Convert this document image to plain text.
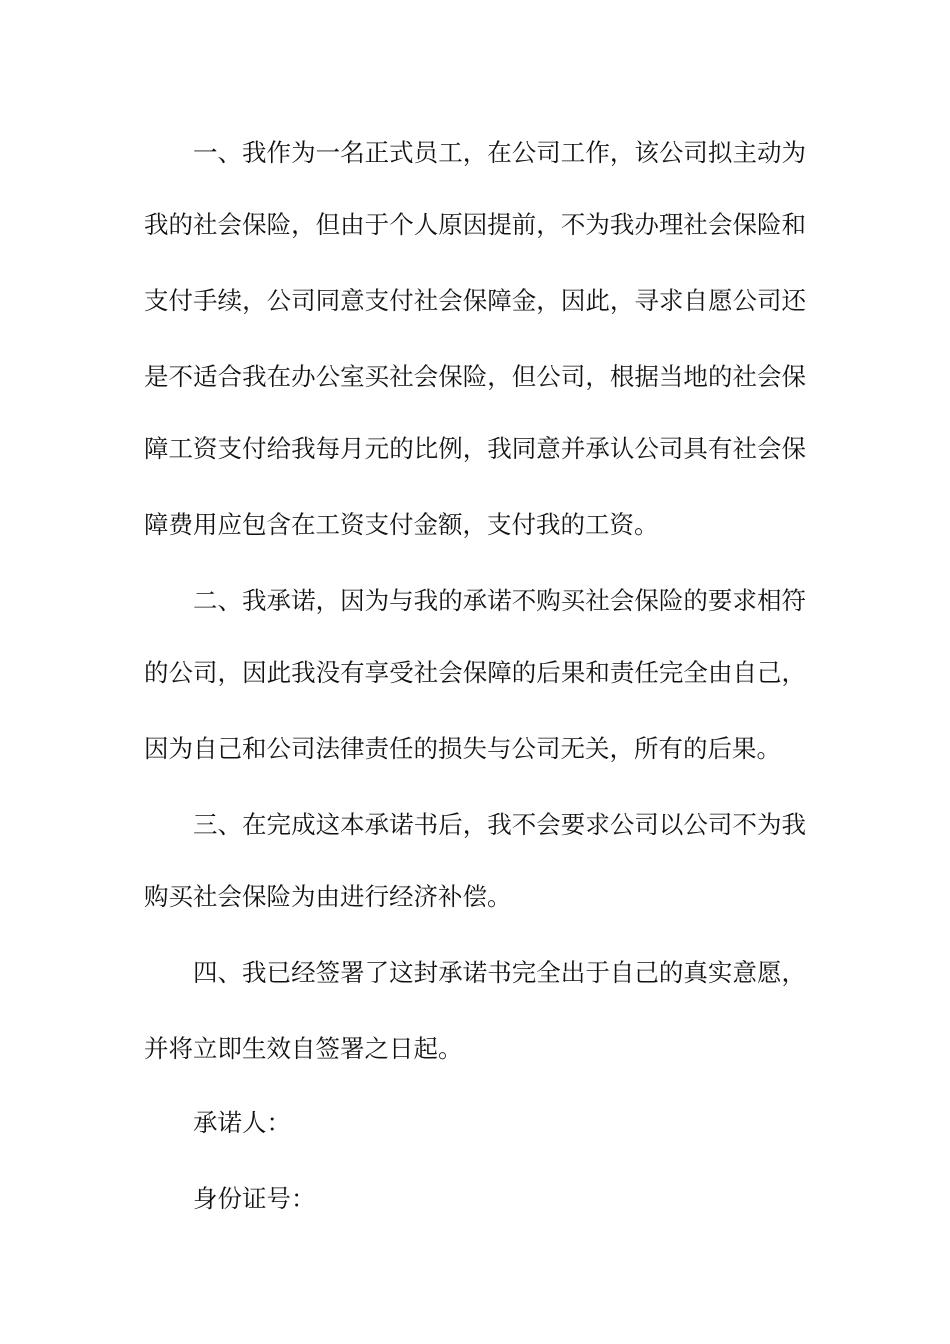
一、我作为一名正式员工，在公司工作，该公司拟主动为
我的社会保险，但由于个人原因提前，不为我办理社会保险和
支付手续，公司同意支付社会保障金，因此，寻求自愿公司还
是不适合我在办公室买社会保险，但公司，根据当地的社会保
障工资支付给我每月元的比例，我同意并承认公司具有社会保
障费用应包含在工资支付金额，支付我的工资。
二、我承诺，因为与我的承诺不购买社会保险的要求相符
的公司，因此我没有享受社会保障的后果和责任完全由自己，
因为自己和公司法律责任的损失与公司无关，所有的后果。
三、在完成这本承诺书后，我不会要求公司以公司不为我
购买社会保险为由进行经济补偿。
四、我已经签署了这封承诺书完全出于自己的真实意愿，
并将立即生效自签署之日起。
承诺人：
身份证号：
